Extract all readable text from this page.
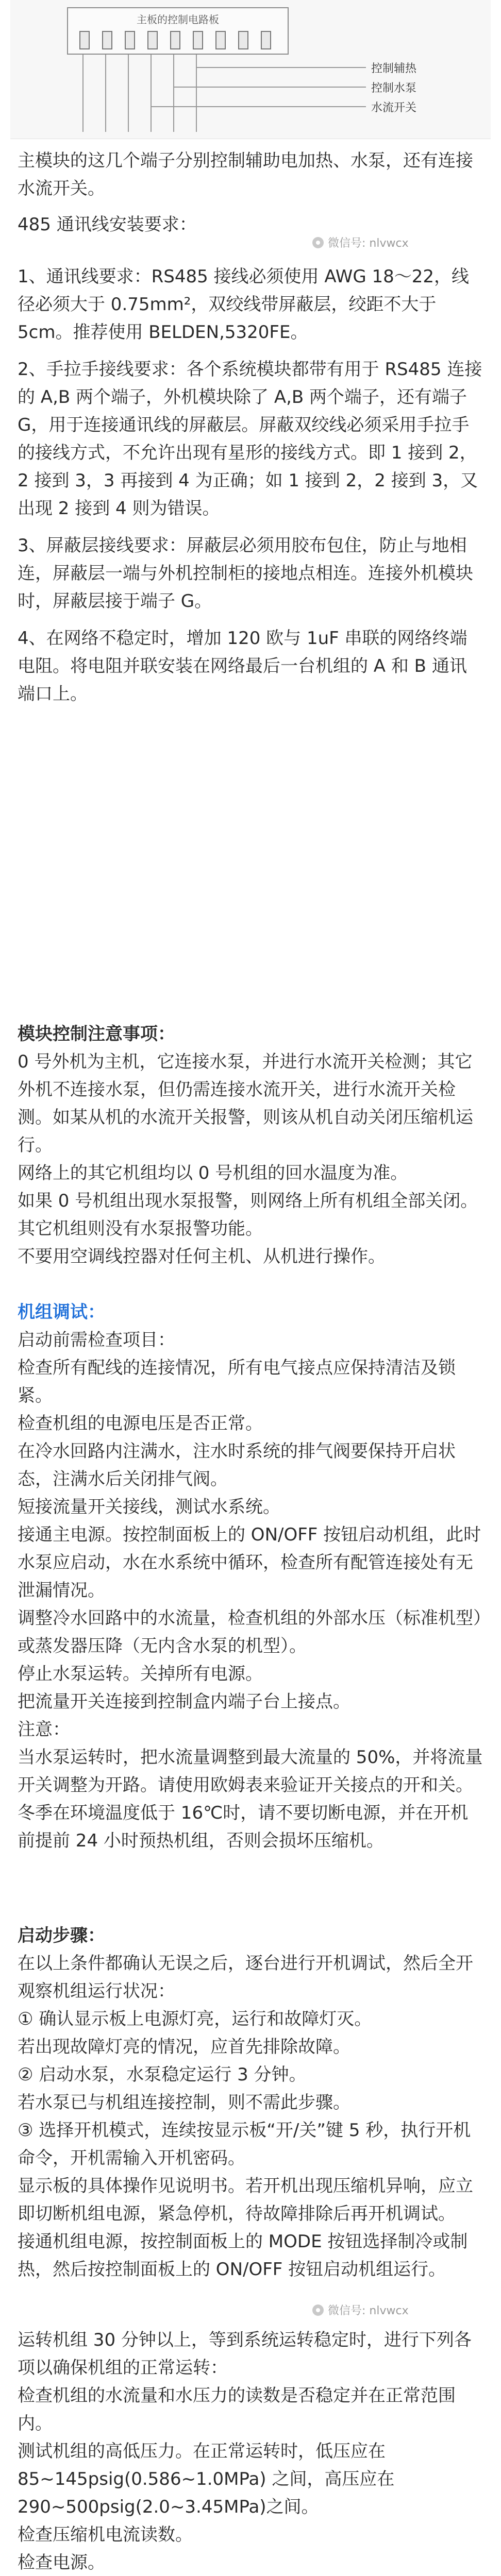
主板的控制电路板
控制辅热
控制水泵
水流开关

主模块的这几个端子分别控制辅助电加热、水泵，还有连接水流开关。

485 通讯线安装要求：

微信号: nlvwcx

1、通讯线要求：RS485 接线必须使用 AWG 18～22，线径必须大于 0.75mm²，双绞线带屏蔽层，绞距不大于 5cm。推荐使用 BELDEN,5320FE。

2、手拉手接线要求：各个系统模块都带有用于 RS485 连接的 A,B 两个端子，外机模块除了 A,B 两个端子，还有端子 G，用于连接通讯线的屏蔽层。屏蔽双绞线必须采用手拉手的接线方式，不允许出现有星形的接线方式。即 1 接到 2，2 接到 3，3 再接到 4 为正确；如 1 接到 2，2 接到 3，又出现 2 接到 4 则为错误。

3、屏蔽层接线要求：屏蔽层必须用胶布包住，防止与地相连，屏蔽层一端与外机控制柜的接地点相连。连接外机模块时，屏蔽层接于端子 G。

4、在网络不稳定时，增加 120 欧与 1uF 串联的网络终端电阻。将电阻并联安装在网络最后一台机组的 A 和 B 通讯端口上。

模块控制注意事项：

0 号外机为主机，它连接水泵，并进行水流开关检测；其它外机不连接水泵，但仍需连接水流开关，进行水流开关检测。如某从机的水流开关报警，则该从机自动关闭压缩机运行。

网络上的其它机组均以 0 号机组的回水温度为准。

如果 0 号机组出现水泵报警，则网络上所有机组全部关闭。其它机组则没有水泵报警功能。

不要用空调线控器对任何主机、从机进行操作。

机组调试：

启动前需检查项目：

检查所有配线的连接情况，所有电气接点应保持清洁及锁紧。

检查机组的电源电压是否正常。

在冷水回路内注满水，注水时系统的排气阀要保持开启状态，注满水后关闭排气阀。

短接流量开关接线，测试水系统。

接通主电源。按控制面板上的 ON/OFF 按钮启动机组，此时水泵应启动，水在水系统中循环，检查所有配管连接处有无泄漏情况。

调整冷水回路中的水流量，检查机组的外部水压（标准机型）或蒸发器压降（无内含水泵的机型）。

停止水泵运转。关掉所有电源。

把流量开关连接到控制盒内端子台上接点。

注意：

当水泵运转时，把水流量调整到最大流量的 50%，并将流量开关调整为开路。请使用欧姆表来验证开关接点的开和关。

冬季在环境温度低于 16℃时，请不要切断电源，并在开机前提前 24 小时预热机组，否则会损坏压缩机。

启动步骤：

在以上条件都确认无误之后，逐台进行开机调试，然后全开观察机组运行状况：

① 确认显示板上电源灯亮，运行和故障灯灭。

若出现故障灯亮的情况，应首先排除故障。

② 启动水泵，水泵稳定运行 3 分钟。

若水泵已与机组连接控制，则不需此步骤。

③ 选择开机模式，连续按显示板“开/关”键 5 秒，执行开机命令，开机需输入开机密码。

显示板的具体操作见说明书。若开机出现压缩机异响，应立即切断机组电源，紧急停机，待故障排除后再开机调试。

接通机组电源，按控制面板上的 MODE 按钮选择制冷或制热，然后按控制面板上的 ON/OFF 按钮启动机组运行。

微信号: nlvwcx

运转机组 30 分钟以上，等到系统运转稳定时，进行下列各项以确保机组的正常运转：

检查机组的水流量和水压力的读数是否稳定并在正常范围内。

测试机组的高低压力。在正常运转时，低压应在 85~145psig(0.586~1.0MPa) 之间，高压应在 290~500psig(2.0~3.45MPa)之间。

检查压缩机电流读数。

检查电源。
